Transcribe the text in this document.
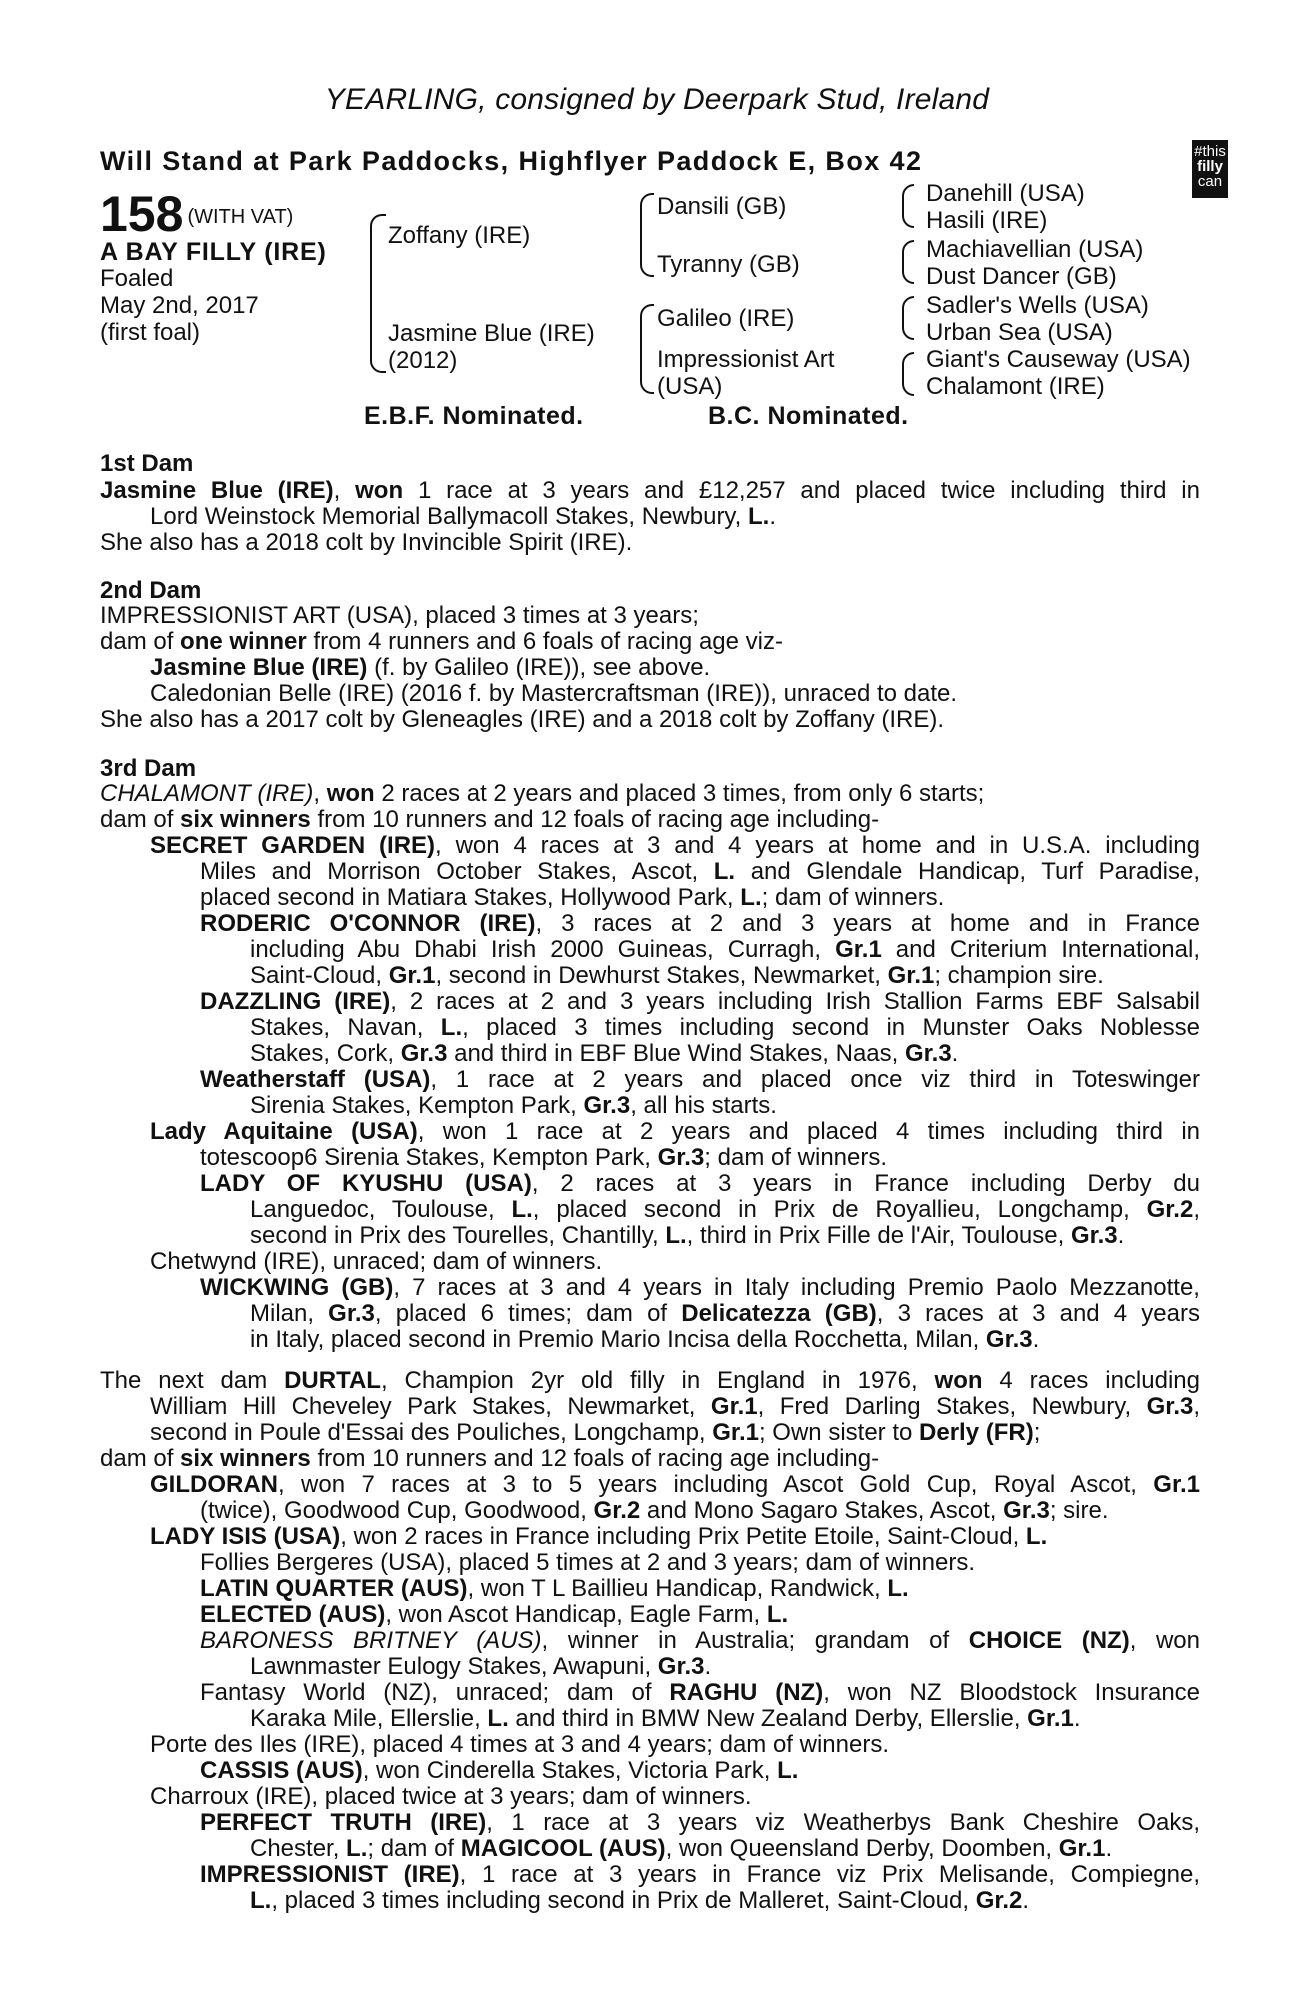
YEARLING, consigned by Deerpark Stud, Ireland
Will Stand at Park Paddocks, Highflyer Paddock E, Box 42	#this
filly
can
158 (WITH VAT)
A BAY FILLY (IRE)
Foaled
May 2nd, 2017
(first foal)
Zoffany (IRE)
Jasmine Blue (IRE)
(2012)
Dansili (GB)
Tyranny (GB)
Galileo (IRE)
Impressionist Art
(USA)
Danehill (USA)
Hasili (IRE)
Machiavellian (USA)
Dust Dancer (GB)
Sadler's Wells (USA)
Urban Sea (USA)
Giant's Causeway (USA)
Chalamont (IRE)
E.B.F. Nominated.	B.C. Nominated.
1st Dam
Jasmine Blue (IRE), won 1 race at 3 years and £12,257 and placed twice including third in
Lord Weinstock Memorial Ballymacoll Stakes, Newbury, L..
She also has a 2018 colt by Invincible Spirit (IRE).
2nd Dam
IMPRESSIONIST ART (USA), placed 3 times at 3 years;
dam of one winner from 4 runners and 6 foals of racing age viz-
Jasmine Blue (IRE) (f. by Galileo (IRE)), see above.
Caledonian Belle (IRE) (2016 f. by Mastercraftsman (IRE)), unraced to date.
She also has a 2017 colt by Gleneagles (IRE) and a 2018 colt by Zoffany (IRE).
3rd Dam
CHALAMONT (IRE), won 2 races at 2 years and placed 3 times, from only 6 starts;
dam of six winners from 10 runners and 12 foals of racing age including-
SECRET GARDEN (IRE), won 4 races at 3 and 4 years at home and in U.S.A. including
Miles and Morrison October Stakes, Ascot, L. and Glendale Handicap, Turf Paradise,
placed second in Matiara Stakes, Hollywood Park, L.; dam of winners.
RODERIC O'CONNOR (IRE), 3 races at 2 and 3 years at home and in France
including Abu Dhabi Irish 2000 Guineas, Curragh, Gr.1 and Criterium International,
Saint-Cloud, Gr.1, second in Dewhurst Stakes, Newmarket, Gr.1; champion sire.
DAZZLING (IRE), 2 races at 2 and 3 years including Irish Stallion Farms EBF Salsabil
Stakes, Navan, L., placed 3 times including second in Munster Oaks Noblesse
Stakes, Cork, Gr.3 and third in EBF Blue Wind Stakes, Naas, Gr.3.
Weatherstaff (USA), 1 race at 2 years and placed once viz third in Toteswinger
Sirenia Stakes, Kempton Park, Gr.3, all his starts.
Lady Aquitaine (USA), won 1 race at 2 years and placed 4 times including third in
totescoop6 Sirenia Stakes, Kempton Park, Gr.3; dam of winners.
LADY OF KYUSHU (USA), 2 races at 3 years in France including Derby du
Languedoc, Toulouse, L., placed second in Prix de Royallieu, Longchamp, Gr.2,
second in Prix des Tourelles, Chantilly, L., third in Prix Fille de l'Air, Toulouse, Gr.3.
Chetwynd (IRE), unraced; dam of winners.
WICKWING (GB), 7 races at 3 and 4 years in Italy including Premio Paolo Mezzanotte,
Milan, Gr.3, placed 6 times; dam of Delicatezza (GB), 3 races at 3 and 4 years
in Italy, placed second in Premio Mario Incisa della Rocchetta, Milan, Gr.3.
The next dam DURTAL, Champion 2yr old filly in England in 1976, won 4 races including
William Hill Cheveley Park Stakes, Newmarket, Gr.1, Fred Darling Stakes, Newbury, Gr.3,
second in Poule d'Essai des Pouliches, Longchamp, Gr.1; Own sister to Derly (FR);
dam of six winners from 10 runners and 12 foals of racing age including-
GILDORAN, won 7 races at 3 to 5 years including Ascot Gold Cup, Royal Ascot, Gr.1
(twice), Goodwood Cup, Goodwood, Gr.2 and Mono Sagaro Stakes, Ascot, Gr.3; sire.
LADY ISIS (USA), won 2 races in France including Prix Petite Etoile, Saint-Cloud, L.
Follies Bergeres (USA), placed 5 times at 2 and 3 years; dam of winners.
LATIN QUARTER (AUS), won T L Baillieu Handicap, Randwick, L.
ELECTED (AUS), won Ascot Handicap, Eagle Farm, L.
BARONESS BRITNEY (AUS), winner in Australia; grandam of CHOICE (NZ), won
Lawnmaster Eulogy Stakes, Awapuni, Gr.3.
Fantasy World (NZ), unraced; dam of RAGHU (NZ), won NZ Bloodstock Insurance
Karaka Mile, Ellerslie, L. and third in BMW New Zealand Derby, Ellerslie, Gr.1.
Porte des Iles (IRE), placed 4 times at 3 and 4 years; dam of winners.
CASSIS (AUS), won Cinderella Stakes, Victoria Park, L.
Charroux (IRE), placed twice at 3 years; dam of winners.
PERFECT TRUTH (IRE), 1 race at 3 years viz Weatherbys Bank Cheshire Oaks,
Chester, L.; dam of MAGICOOL (AUS), won Queensland Derby, Doomben, Gr.1.
IMPRESSIONIST (IRE), 1 race at 3 years in France viz Prix Melisande, Compiegne,
L., placed 3 times including second in Prix de Malleret, Saint-Cloud, Gr.2.
